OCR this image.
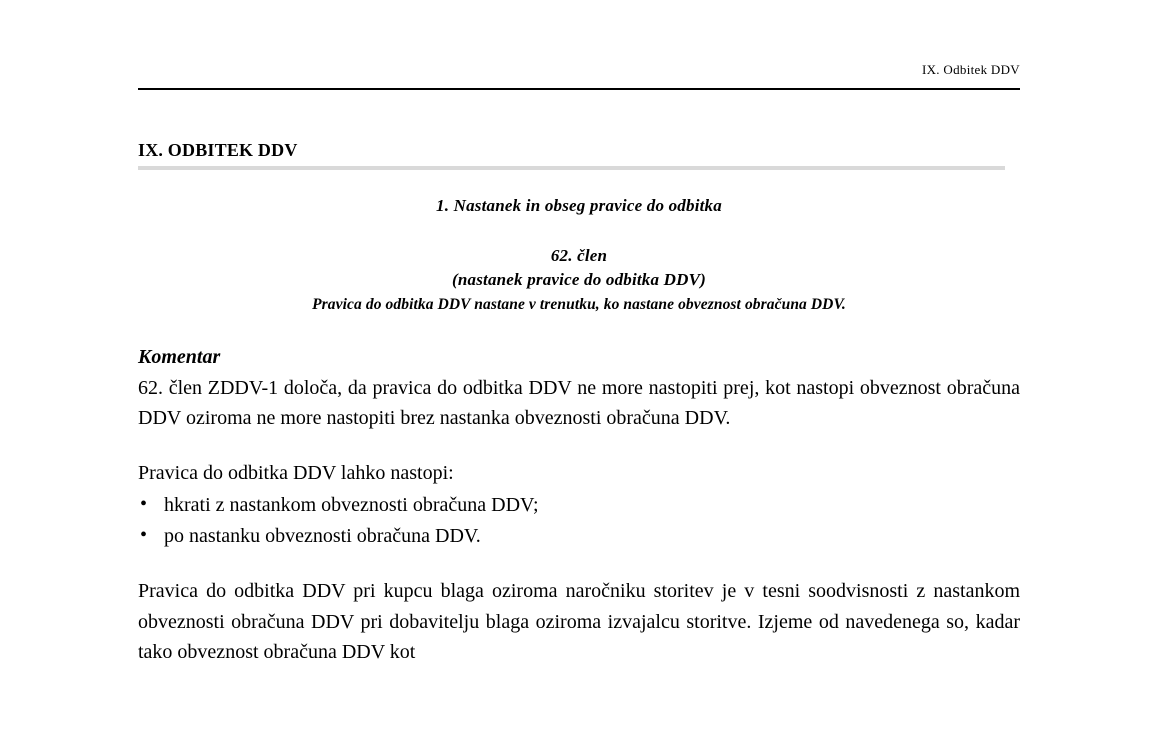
IX. Odbitek DDV
IX. ODBITEK DDV
1. Nastanek in obseg pravice do odbitka
62. člen
(nastanek pravice do odbitka DDV)
Pravica do odbitka DDV nastane v trenutku, ko nastane obveznost obračuna DDV.
Komentar

62. člen ZDDV-1 določa, da pravica do odbitka DDV ne more nastopiti prej, kot nastopi obveznost obračuna DDV oziroma ne more nastopiti brez nastanka obveznosti obračuna DDV.

Pravica do odbitka DDV lahko nastopi:

• hkrati z nastankom obveznosti obračuna DDV;
• po nastanku obveznosti obračuna DDV.

Pravica do odbitka DDV pri kupcu blaga oziroma naročniku storitev je v tesni soodvisnosti z nastankom obveznosti obračuna DDV pri dobavitelju blaga oziroma izvajalcu storitve. Izjeme od navedenega so, kadar tako obveznost obračuna DDV kot
